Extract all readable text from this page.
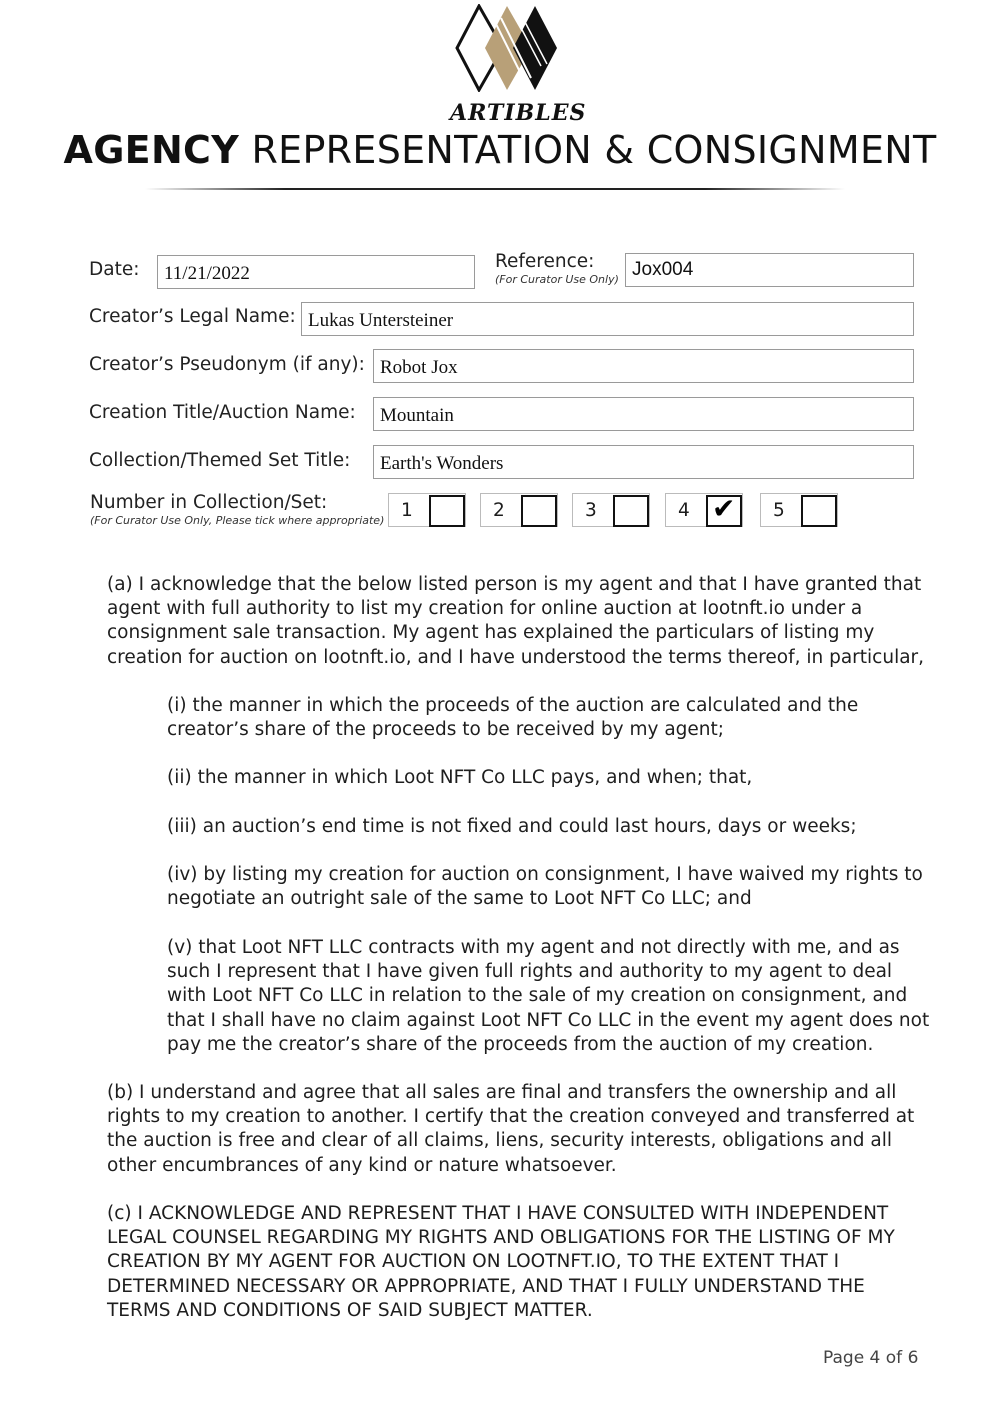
ARTIBLES
AGENCY REPRESENTATION & CONSIGNMENT
Date:	11/21/2022
Reference:
(For Curator Use Only) Jox004
Creator’s Legal Name: Lukas Untersteiner
Creator’s Pseudonym (if any): Robot Jox
Creation Title/Auction Name:	Mountain
Collection/Themed Set Title:	Earth's Wonders
Number in Collection/Set:
(For Curator Use Only, Please tick where appropriate) 1	2	3	4 ✔ 5

(a) I acknowledge that the below listed person is my agent and that I have granted that agent with full authority to list my creation for online auction at lootnft.io under a consignment sale transaction. My agent has explained the particulars of listing my creation for auction on lootnft.io, and I have understood the terms thereof, in particular,

(i) the manner in which the proceeds of the auction are calculated and the creator’s share of the proceeds to be received by my agent;

(ii) the manner in which Loot NFT Co LLC pays, and when; that,

(iii) an auction’s end time is not fixed and could last hours, days or weeks;

(iv) by listing my creation for auction on consignment, I have waived my rights to negotiate an outright sale of the same to Loot NFT Co LLC; and

(v) that Loot NFT LLC contracts with my agent and not directly with me, and as such I represent that I have given full rights and authority to my agent to deal with Loot NFT Co LLC in relation to the sale of my creation on consignment, and that I shall have no claim against Loot NFT Co LLC in the event my agent does not pay me the creator’s share of the proceeds from the auction of my creation.

(b) I understand and agree that all sales are final and transfers the ownership and all rights to my creation to another. I certify that the creation conveyed and transferred at the auction is free and clear of all claims, liens, security interests, obligations and all other encumbrances of any kind or nature whatsoever.

(c) I ACKNOWLEDGE AND REPRESENT THAT I HAVE CONSULTED WITH INDEPENDENT LEGAL COUNSEL REGARDING MY RIGHTS AND OBLIGATIONS FOR THE LISTING OF MY CREATION BY MY AGENT FOR AUCTION ON LOOTNFT.IO, TO THE EXTENT THAT I DETERMINED NECESSARY OR APPROPRIATE, AND THAT I FULLY UNDERSTAND THE TERMS AND CONDITIONS OF SAID SUBJECT MATTER.

Page 4 of 6
